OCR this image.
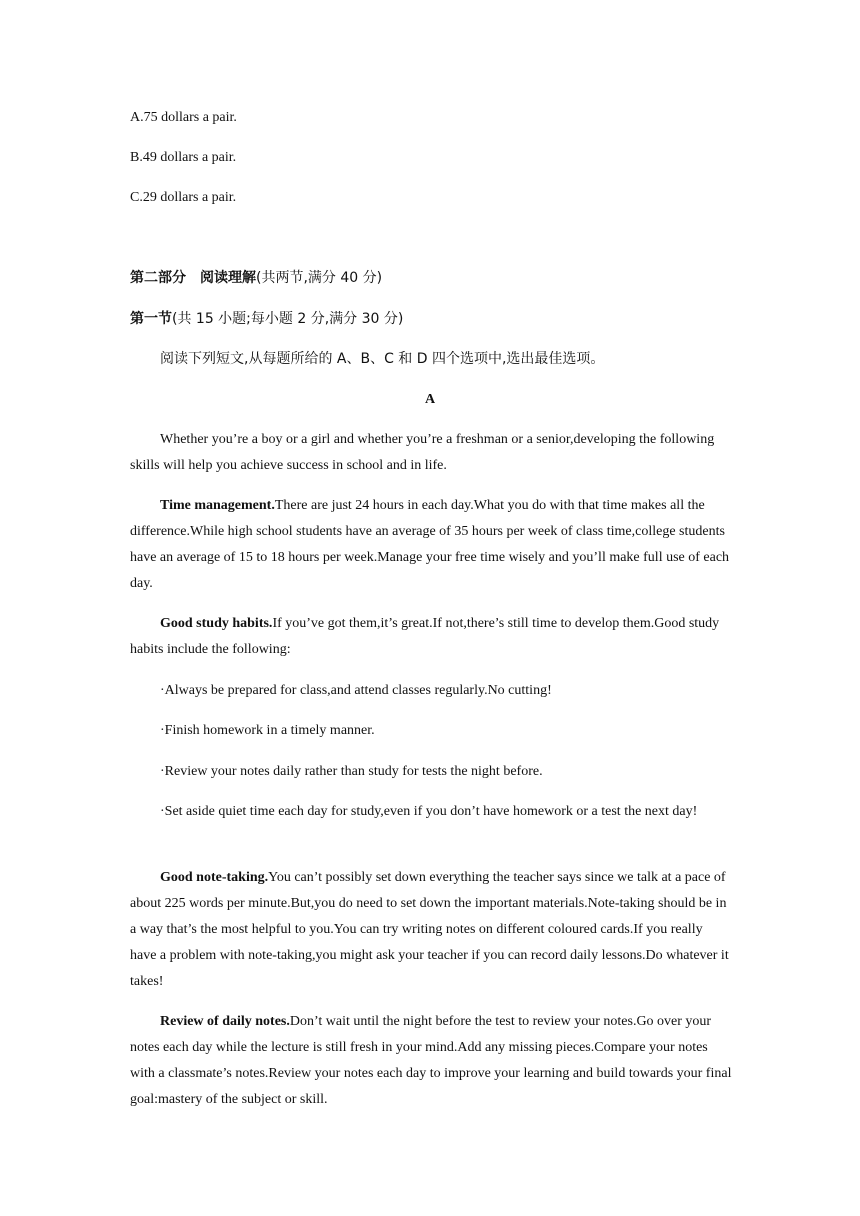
A.75 dollars a pair.
B.49 dollars a pair.
C.29 dollars a pair.
第二部分 阅读理解(共两节,满分 40 分)
第一节(共 15 小题;每小题 2 分,满分 30 分)
阅读下列短文,从每题所给的 A、B、C 和 D 四个选项中,选出最佳选项。
A
Whether you’re a boy or a girl and whether you’re a freshman or a senior,developing the following skills will help you achieve success in school and in life.
Time management.There are just 24 hours in each day.What you do with that time makes all the difference.While high school students have an average of 35 hours per week of class time,college students have an average of 15 to 18 hours per week.Manage your free time wisely and you’ll make full use of each day.
Good study habits.If you’ve got them,it’s great.If not,there’s still time to develop them.Good study habits include the following:
·Always be prepared for class,and attend classes regularly.No cutting!
·Finish homework in a timely manner.
·Review your notes daily rather than study for tests the night before.
·Set aside quiet time each day for study,even if you don’t have homework or a test the next day!
Good note-taking.You can’t possibly set down everything the teacher says since we talk at a pace of about 225 words per minute.But,you do need to set down the important materials.Note-taking should be in a way that’s the most helpful to you.You can try writing notes on different coloured cards.If you really have a problem with note-taking,you might ask your teacher if you can record daily lessons.Do whatever it takes!
Review of daily notes.Don’t wait until the night before the test to review your notes.Go over your notes each day while the lecture is still fresh in your mind.Add any missing pieces.Compare your notes with a classmate’s notes.Review your notes each day to improve your learning and build towards your final goal:mastery of the subject or skill.
